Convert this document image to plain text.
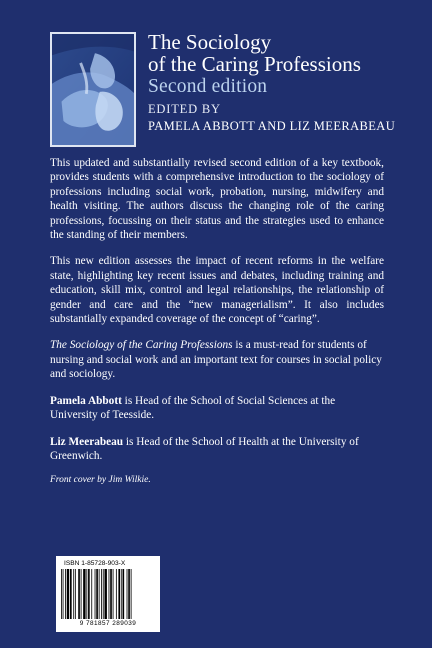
The Sociology
of the Caring Professions
Second edition
EDITED BY
PAMELA ABBOTT AND LIZ MEERABEAU

This updated and substantially revised second edition of a key textbook, provides students with a comprehensive introduction to the sociology of professions including social work, probation, nursing, midwifery and health visiting. The authors discuss the changing role of the caring professions, focussing on their status and the strategies used to enhance the standing of their members.

This new edition assesses the impact of recent reforms in the welfare state, highlighting key recent issues and debates, including training and education, skill mix, control and legal relationships, the relationship of gender and care and the “new managerialism”. It also includes substantially expanded coverage of the concept of “caring”.

The Sociology of the Caring Professions is a must-read for students of nursing and social work and an important text for courses in social policy and sociology.

Pamela Abbott is Head of the School of Social Sciences at the University of Teesside.

Liz Meerabeau is Head of the School of Health at the University of Greenwich.

Front cover by Jim Wilkie.

ISBN 1-85728-903-X
9 781857 289039
